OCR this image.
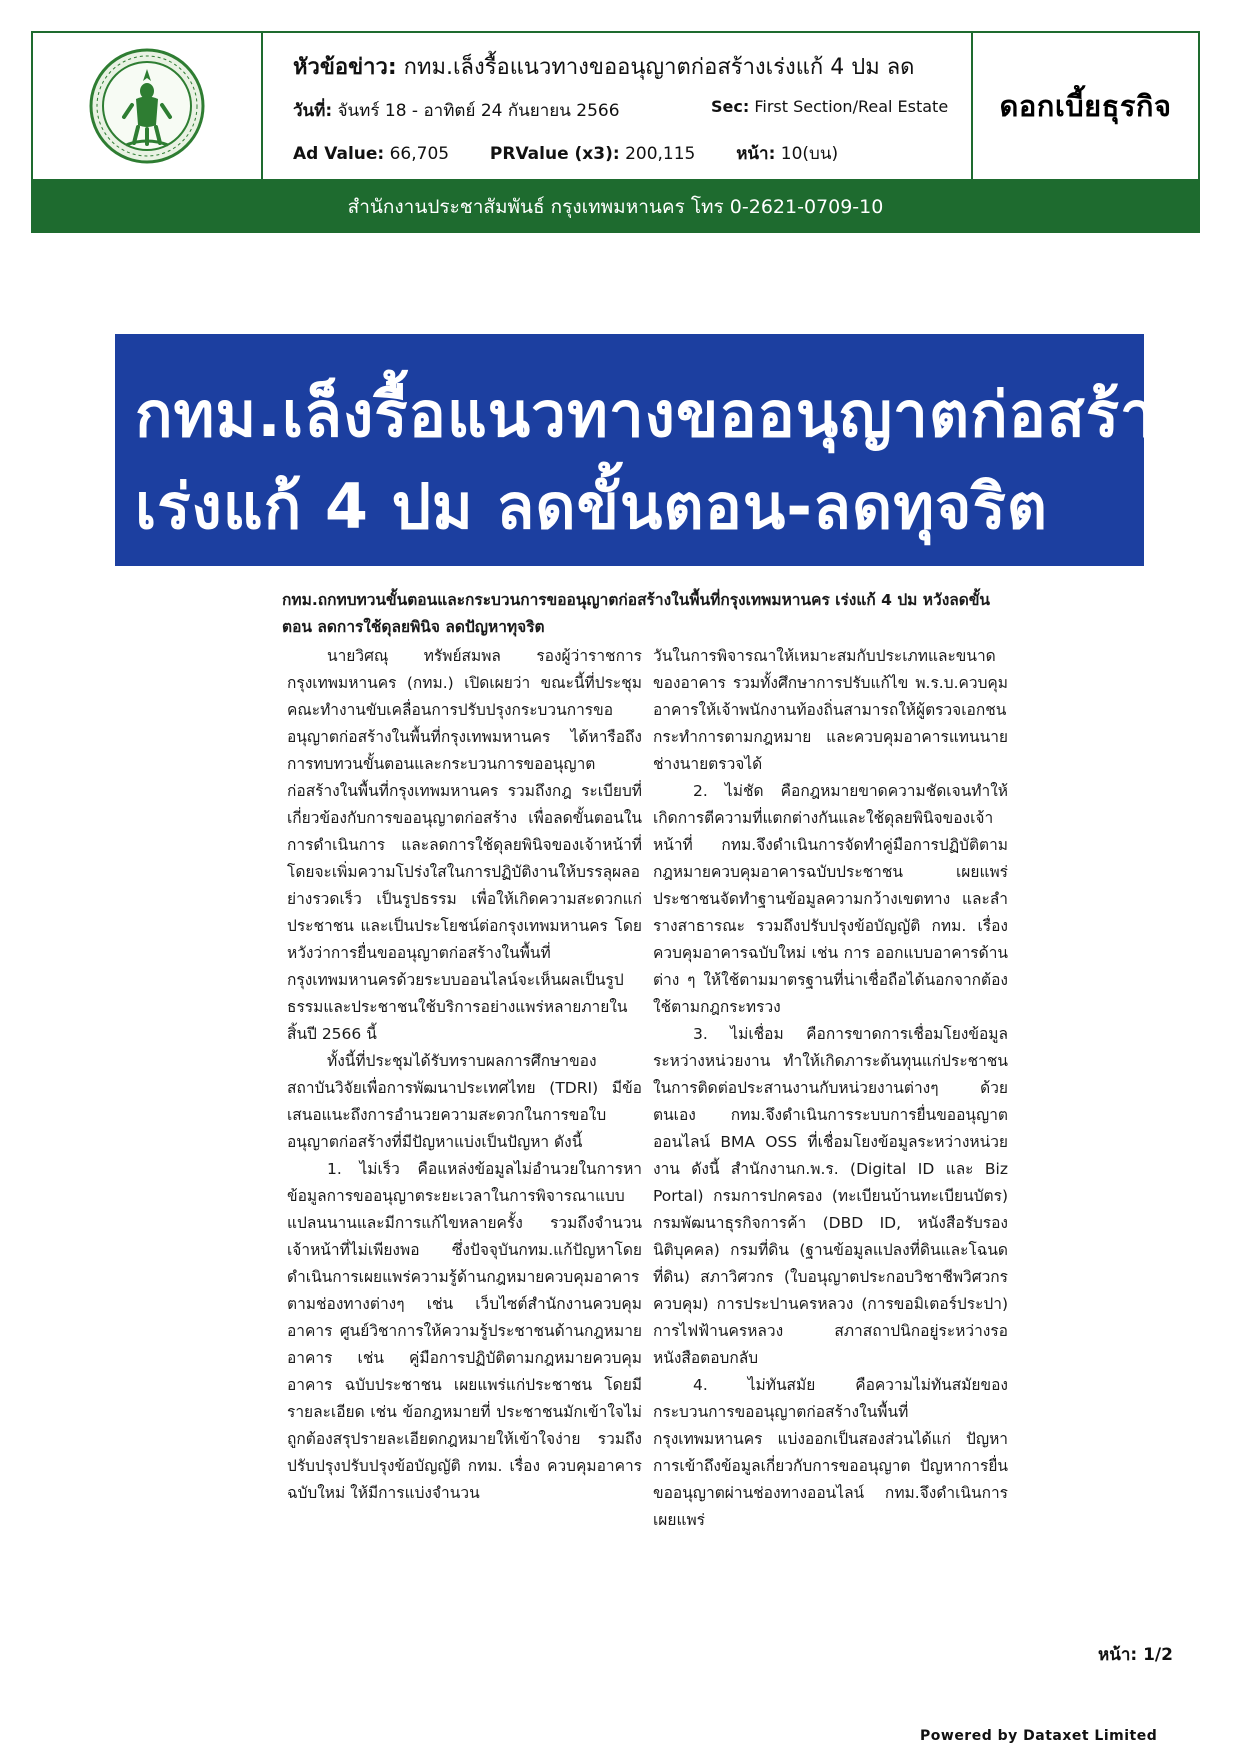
หัวข้อข่าว: กทม.เล็งรื้อแนวทางขออนุญาตก่อสร้างเร่งแก้ 4 ปม ลด
วันที่: จันทร์ 18 - อาทิตย์ 24 กันยายน 2566	Sec: First Section/Real Estate
Ad Value: 66,705 PRValue (x3): 200,115 หน้า: 10(บน)
ดอกเบี้ยธุรกิจ
สำนักงานประชาสัมพันธ์ กรุงเทพมหานคร โทร 0-2621-0709-10
กทม.เล็งรื้อแนวทางขออนุญาตก่อสร้าง
เร่งแก้ 4 ปม ลดขั้นตอน-ลดทุจริต
กทม.ถกทบทวนขั้นตอนและกระบวนการขออนุญาตก่อสร้างในพื้นที่กรุงเทพมหานคร เร่งแก้ 4 ปม หวังลดขั้นตอน ลดการใช้ดุลยพินิจ ลดปัญหาทุจริต

นายวิศณุ ทรัพย์สมพล รองผู้ว่าราชการกรุงเทพมหานคร (กทม.) เปิดเผยว่า ขณะนี้ที่ประชุมคณะทำงานขับเคลื่อนการปรับปรุงกระบวนการขออนุญาตก่อสร้างในพื้นที่กรุงเทพมหานคร ได้หารือถึงการทบทวนขั้นตอนและกระบวนการขออนุญาตก่อสร้างในพื้นที่กรุงเทพมหานคร รวมถึงกฎ ระเบียบที่เกี่ยวข้องกับการขออนุญาตก่อสร้าง เพื่อลดขั้นตอนในการดำเนินการ และลดการใช้ดุลยพินิจของเจ้าหน้าที่ โดยจะเพิ่มความโปร่งใสในการปฏิบัติงานให้บรรลุผลอย่างรวดเร็ว เป็นรูปธรรม เพื่อให้เกิดความสะดวกแก่ประชาชน และเป็นประโยชน์ต่อกรุงเทพมหานคร โดยหวังว่าการยื่นขออนุญาตก่อสร้างในพื้นที่กรุงเทพมหานครด้วยระบบออนไลน์จะเห็นผลเป็นรูปธรรมและประชาชนใช้บริการอย่างแพร่หลายภายในสิ้นปี 2566 นี้

ทั้งนี้ที่ประชุมได้รับทราบผลการศึกษาของ สถาบันวิจัยเพื่อการพัฒนาประเทศไทย (TDRI) มีข้อเสนอแนะถึงการอำนวยความสะดวกในการขอใบอนุญาตก่อสร้างที่มีปัญหาแบ่งเป็นปัญหา ดังนี้

1. ไม่เร็ว คือแหล่งข้อมูลไม่อำนวยในการหาข้อมูลการขออนุญาตระยะเวลาในการพิจารณาแบบแปลนนานและมีการแก้ไขหลายครั้ง รวมถึงจำนวนเจ้าหน้าที่ไม่เพียงพอ ซึ่งปัจจุบันกทม.แก้ปัญหาโดยดำเนินการเผยแพร่ความรู้ด้านกฎหมายควบคุมอาคาร ตามช่องทางต่างๆ เช่น เว็บไซต์สำนักงานควบคุมอาคาร ศูนย์วิชาการให้ความรู้ประชาชนด้านกฎหมายอาคาร เช่น คู่มือการปฏิบัติตามกฎหมายควบคุมอาคาร ฉบับประชาชน เผยแพร่แก่ประชาชน โดยมีรายละเอียด เช่น ข้อกฎหมายที่ ประชาชนมักเข้าใจไม่ถูกต้องสรุปรายละเอียดกฎหมายให้เข้าใจง่าย รวมถึงปรับปรุงปรับปรุงข้อบัญญัติ กทม. เรื่อง ควบคุมอาคารฉบับใหม่ ให้มีการแบ่งจำนวน

วันในการพิจารณาให้เหมาะสมกับประเภทและขนาดของอาคาร รวมทั้งศึกษาการปรับแก้ไข พ.ร.บ.ควบคุมอาคารให้เจ้าพนักงานท้องถิ่นสามารถให้ผู้ตรวจเอกชนกระทำการตามกฎหมาย และควบคุมอาคารแทนนายช่างนายตรวจได้

2. ไม่ชัด คือกฎหมายขาดความชัดเจนทำให้เกิดการตีความที่แตกต่างกันและใช้ดุลยพินิจของเจ้าหน้าที่ กทม.จึงดำเนินการจัดทำคู่มือการปฏิบัติตามกฎหมายควบคุมอาคารฉบับประชาชน เผยแพร่ประชาชนจัดทำฐานข้อมูลความกว้างเขตทาง และลำรางสาธารณะ รวมถึงปรับปรุงข้อบัญญัติ กทม. เรื่อง ควบคุมอาคารฉบับใหม่ เช่น การ ออกแบบอาคารด้านต่าง ๆ ให้ใช้ตามมาตรฐานที่น่าเชื่อถือได้นอกจากต้องใช้ตามกฎกระทรวง

3. ไม่เชื่อม คือการขาดการเชื่อมโยงข้อมูลระหว่างหน่วยงาน ทำให้เกิดภาระต้นทุนแก่ประชาชนในการติดต่อประสานงานกับหน่วยงานต่างๆ ด้วยตนเอง กทม.จึงดำเนินการระบบการยื่นขออนุญาตออนไลน์ BMA OSS ที่เชื่อมโยงข้อมูลระหว่างหน่วยงาน ดังนี้ สำนักงานก.พ.ร. (Digital ID และ Biz Portal) กรมการปกครอง (ทะเบียนบ้านทะเบียนบัตร) กรมพัฒนาธุรกิจการค้า (DBD ID, หนังสือรับรองนิติบุคคล) กรมที่ดิน (ฐานข้อมูลแปลงที่ดินและโฉนดที่ดิน) สภาวิศวกร (ใบอนุญาตประกอบวิชาชีพวิศวกรควบคุม) การประปานครหลวง (การขอมิเตอร์ประปา) การไฟฟ้านครหลวง สภาสถาปนิกอยู่ระหว่างรอหนังสือตอบกลับ

4. ไม่ทันสมัย คือความไม่ทันสมัยของกระบวนการขออนุญาตก่อสร้างในพื้นที่กรุงเทพมหานคร แบ่งออกเป็นสองส่วนได้แก่ ปัญหาการเข้าถึงข้อมูลเกี่ยวกับการขออนุญาต ปัญหาการยื่นขออนุญาตผ่านช่องทางออนไลน์ กทม.จึงดำเนินการเผยแพร่

หน้า: 1/2
Powered by Dataxet Limited
